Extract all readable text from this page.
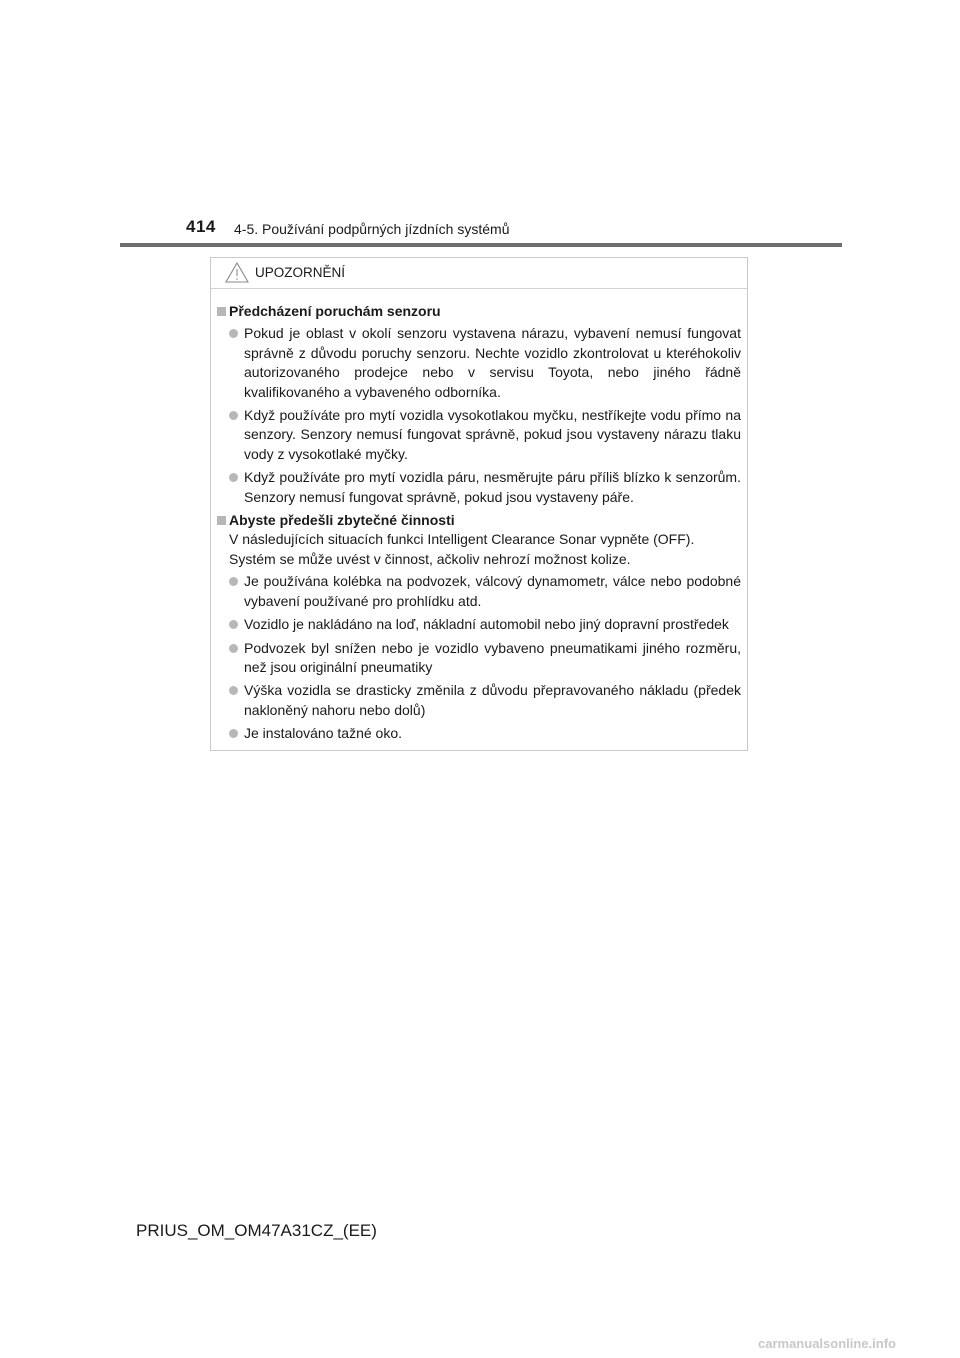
414 4-5. Používání podpůrných jízdních systémů
UPOZORNĚNÍ
Předcházení poruchám senzoru
Pokud je oblast v okolí senzoru vystavena nárazu, vybavení nemusí fungovat správně z důvodu poruchy senzoru. Nechte vozidlo zkontrolovat u kteréhokoliv autorizovaného prodejce nebo v servisu Toyota, nebo jiného řádně kvalifikovaného a vybaveného odborníka.
Když používáte pro mytí vozidla vysokotlakou myčku, nestříkejte vodu přímo na senzory. Senzory nemusí fungovat správně, pokud jsou vystaveny nárazu tlaku vody z vysokotlaké myčky.
Když používáte pro mytí vozidla páru, nesměrujte páru příliš blízko k senzorům. Senzory nemusí fungovat správně, pokud jsou vystaveny páře.
Abyste předešli zbytečné činnosti
V následujících situacích funkci Intelligent Clearance Sonar vypněte (OFF).
Systém se může uvést v činnost, ačkoliv nehrozí možnost kolize.
Je používána kolébka na podvozek, válcový dynamometr, válce nebo podobné vybavení používané pro prohlídku atd.
Vozidlo je nakládáno na loď, nákladní automobil nebo jiný dopravní prostředek
Podvozek byl snížen nebo je vozidlo vybaveno pneumatikami jiného rozměru, než jsou originální pneumatiky
Výška vozidla se drasticky změnila z důvodu přepravovaného nákladu (předek nakloněný nahoru nebo dolů)
Je instalováno tažné oko.
PRIUS_OM_OM47A31CZ_(EE)
carmanualsonline.info
